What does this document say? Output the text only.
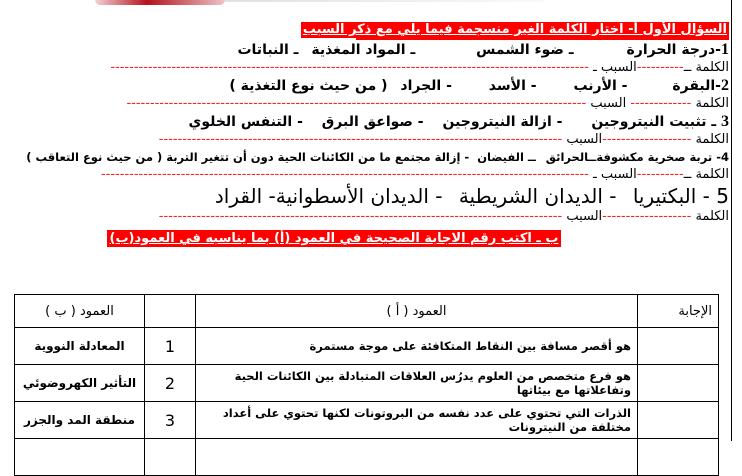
السؤال الأول أ- اختار الكلمة الغير منسجمة فيما يلي مع ذكر السبب
1-درجة الحرارة ـ ضوء الشمس ـ المواد المغذية ـ النباتات
الكلمة ــ----------السبب ـ ------------------------------------------------------------------------------------------------------
2-البقرة - الأرنب - الأسد - الجراد ( من حيث نوع التغذية )
الكلمة ------------- السبب --------------------------------------------------------------------------------------------------
3 ـ تثبيت النيتروجين - ازالة النيتروجين - صواعق البرق - التنفس الخلوي
الكلمة -------------------السبب --------------------------------------------------------------------------------------
4- تربة صخرية مكشوفةــالحرائق ــ الفيضان - إزالة مجتمع ما من الكائنات الحية دون أن تتغير التربة ( من حيث نوع التعاقب )
الكلمة ــ----------السبب ـ --------------------------------------------------------------------------------------------------------
5 - البكتيريا - الديدان الشريطية - الديدان الأسطوانية- القراد
الكلمة -------------------السبب --------------------------------------------------------------------------------------
ب ـ اكتب رقم الاجابة الصحيحة في العمود (أ) بما يناسبه في العمود(ب)
الإجابة	العمود ( أ )		العمود ( ب )
	هو أقصر مسافة بين النقاط المتكافئة على موجة مستمرة	1	المعادلة النووية
	هو فرع متخصص من العلوم يدرُس العلاقات المتبادلة بين الكائنات الحية وتفاعلاتها مع بيئاتها	2	التأثير الكهروضوئي
	الذرات التي تحتوي على عدد نفسه من البروتونات لكنها تحتوي على أعداد مختلفة من النيترونات	3	منطقة المد والجزر
